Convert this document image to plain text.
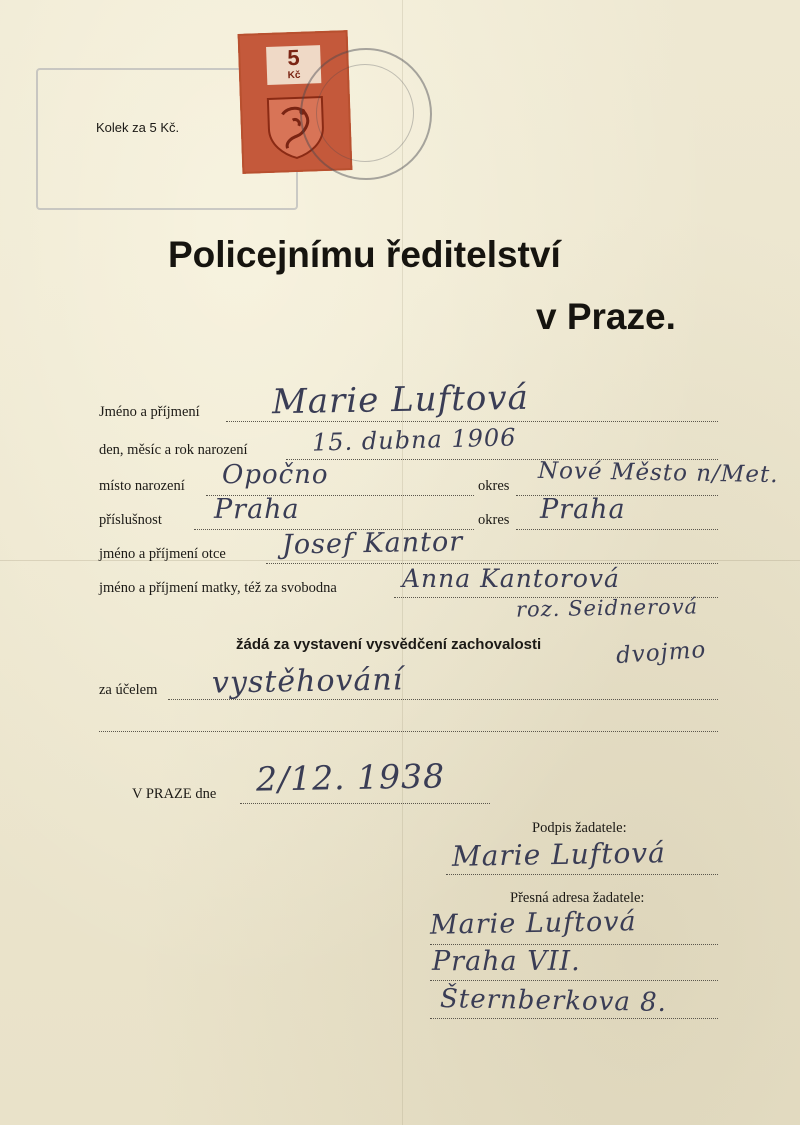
​
Kolek za 5 Kč.
5
Kč
Policejnímu ředitelství
v Praze.
Jméno a příjmení Marie Luftová
den, měsíc a rok narození	15. dubna 1906
místo narození Opočno	okres Nové Město n/Met.
příslušnost Praha	okres Praha
jméno a příjmení otce Josef Kantor
jméno a příjmení matky, též za svobodna	Anna Kantorová
roz. Seidnerová
žádá za vystavení vysvědčení zachovalosti	dvojmo
za účelem vystěhování
V PRAZE dne 2/12. 1938
Podpis žadatele:
Marie Luftová
Přesná adresa žadatele:
Marie Luftová
Praha VII.
Šternberkova 8.
